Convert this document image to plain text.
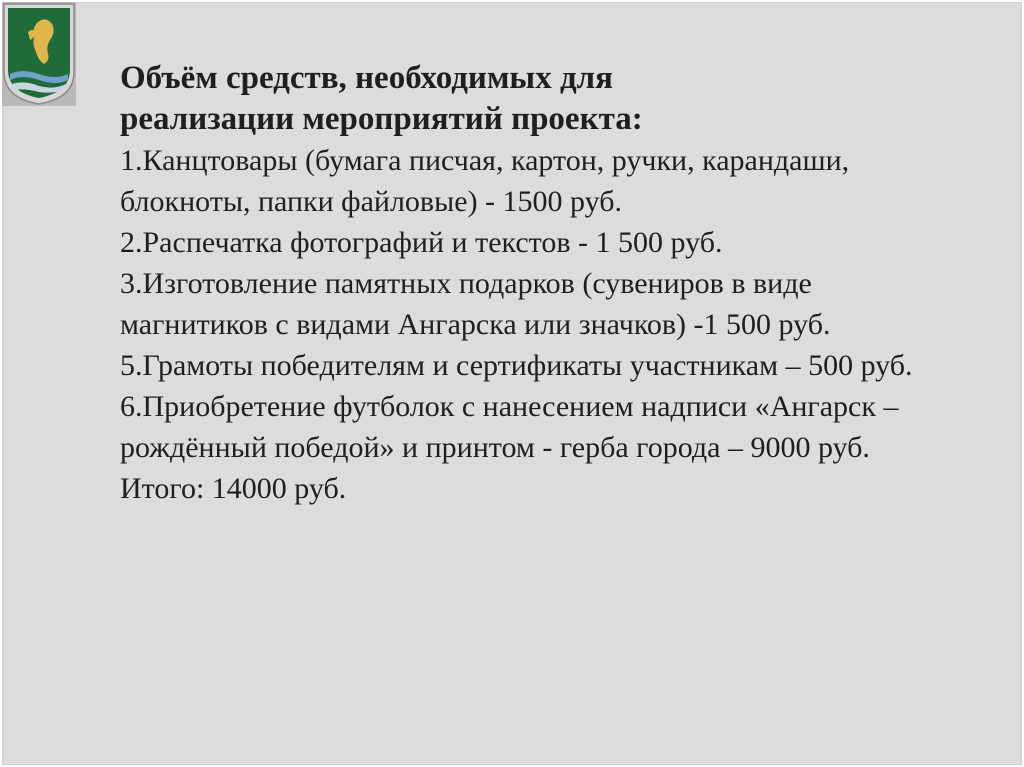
Объём средств, необходимых для
реализации мероприятий проекта:
1.Канцтовары (бумага писчая, картон, ручки, карандаши, блокноты, папки файловые) - 1500 руб.
2.Распечатка фотографий и текстов - 1 500 руб.
3.Изготовление памятных подарков (сувениров в виде магнитиков с видами Ангарска или значков) -1 500 руб.
5.Грамоты победителям и сертификаты участникам – 500 руб.
6.Приобретение футболок с нанесением надписи «Ангарск – рождённый победой» и принтом - герба города – 9000 руб.
Итого: 14000 руб.
